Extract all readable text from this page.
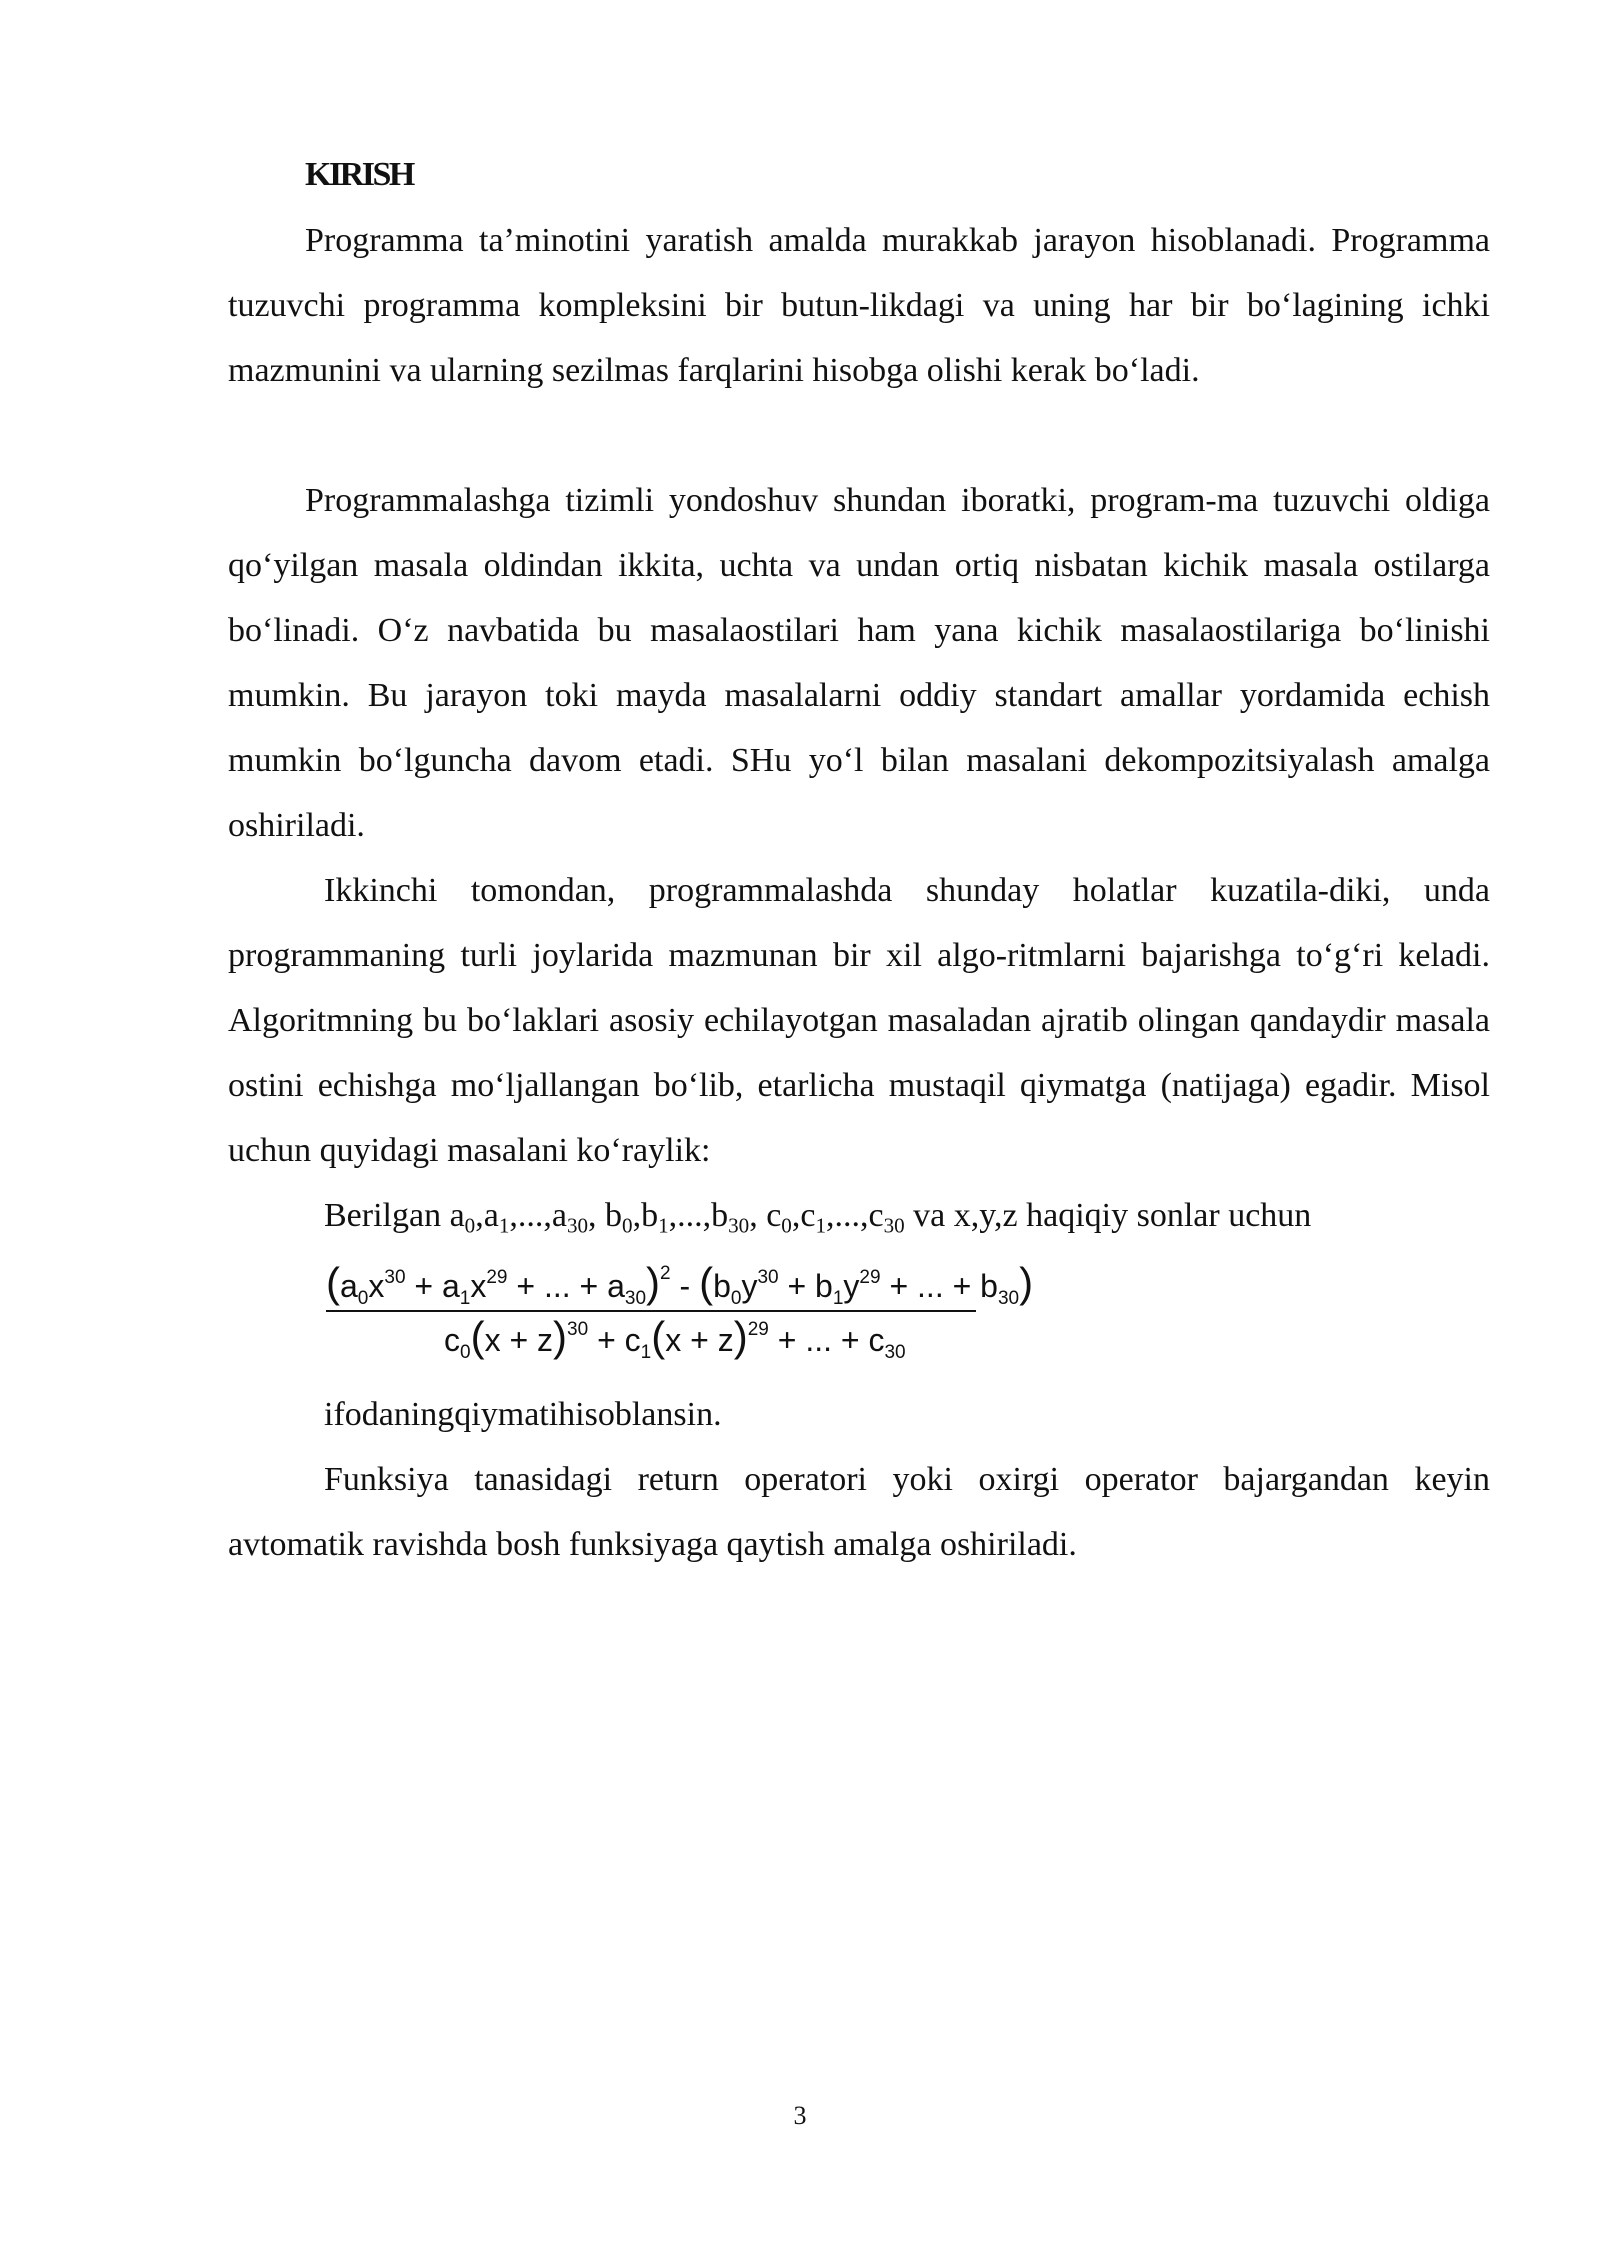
KIRISH

Programma ta’minotini yaratish amalda murakkab jarayon hisoblanadi. Programma tuzuvchi programma kompleksini bir butun-likdagi va uning har bir bo‘lagining ichki mazmunini va ularning sezilmas farqlarini hisobga olishi kerak bo‘ladi.

Programmalashga tizimli yondoshuv shundan iboratki, program-ma tuzuvchi oldiga qo‘yilgan masala oldindan ikkita, uchta va undan ortiq nisbatan kichik masala ostilarga bo‘linadi. O‘z navbatida bu masalaostilari ham yana kichik masalaostilariga bo‘linishi mumkin. Bu jarayon toki mayda masalalarni oddiy standart amallar yordamida echish mumkin bo‘lguncha davom etadi. SHu yo‘l bilan masalani dekompozitsiyalash amalga oshiriladi.

Ikkinchi tomondan, programmalashda shunday holatlar kuzatila-diki, unda programmaning turli joylarida mazmunan bir xil algo-ritmlarni bajarishga to‘g‘ri keladi. Algoritmning bu bo‘laklari asosiy echilayotgan masaladan ajratib olingan qandaydir masala ostini echishga mo‘ljallangan bo‘lib, etarlicha mustaqil qiymatga (natijaga) egadir. Misol uchun quyidagi masalani ko‘raylik:

Berilgan $a_0,a_1,...,a_{30}$, $b_0,b_1,...,b_{30}$, $c_0,c_1,...,c_{30}$ va x,y,z haqiqiy sonlar uchun

($a_0x^{30} + a_1x^{29}$ + ... + $a_{30})^2 - (b_0y^{30} + b_1y^{29}$ + ... + $b_{30}$)
$c_0(x + z)^{30} + c_1(x + z)^{29}$ + ... + $c_{30}$

ifodaningqiymatihisoblansin.

Funksiya tanasidagi return operatori yoki oxirgi operator bajargandan keyin avtomatik ravishda bosh funksiyaga qaytish amalga oshiriladi.

3
